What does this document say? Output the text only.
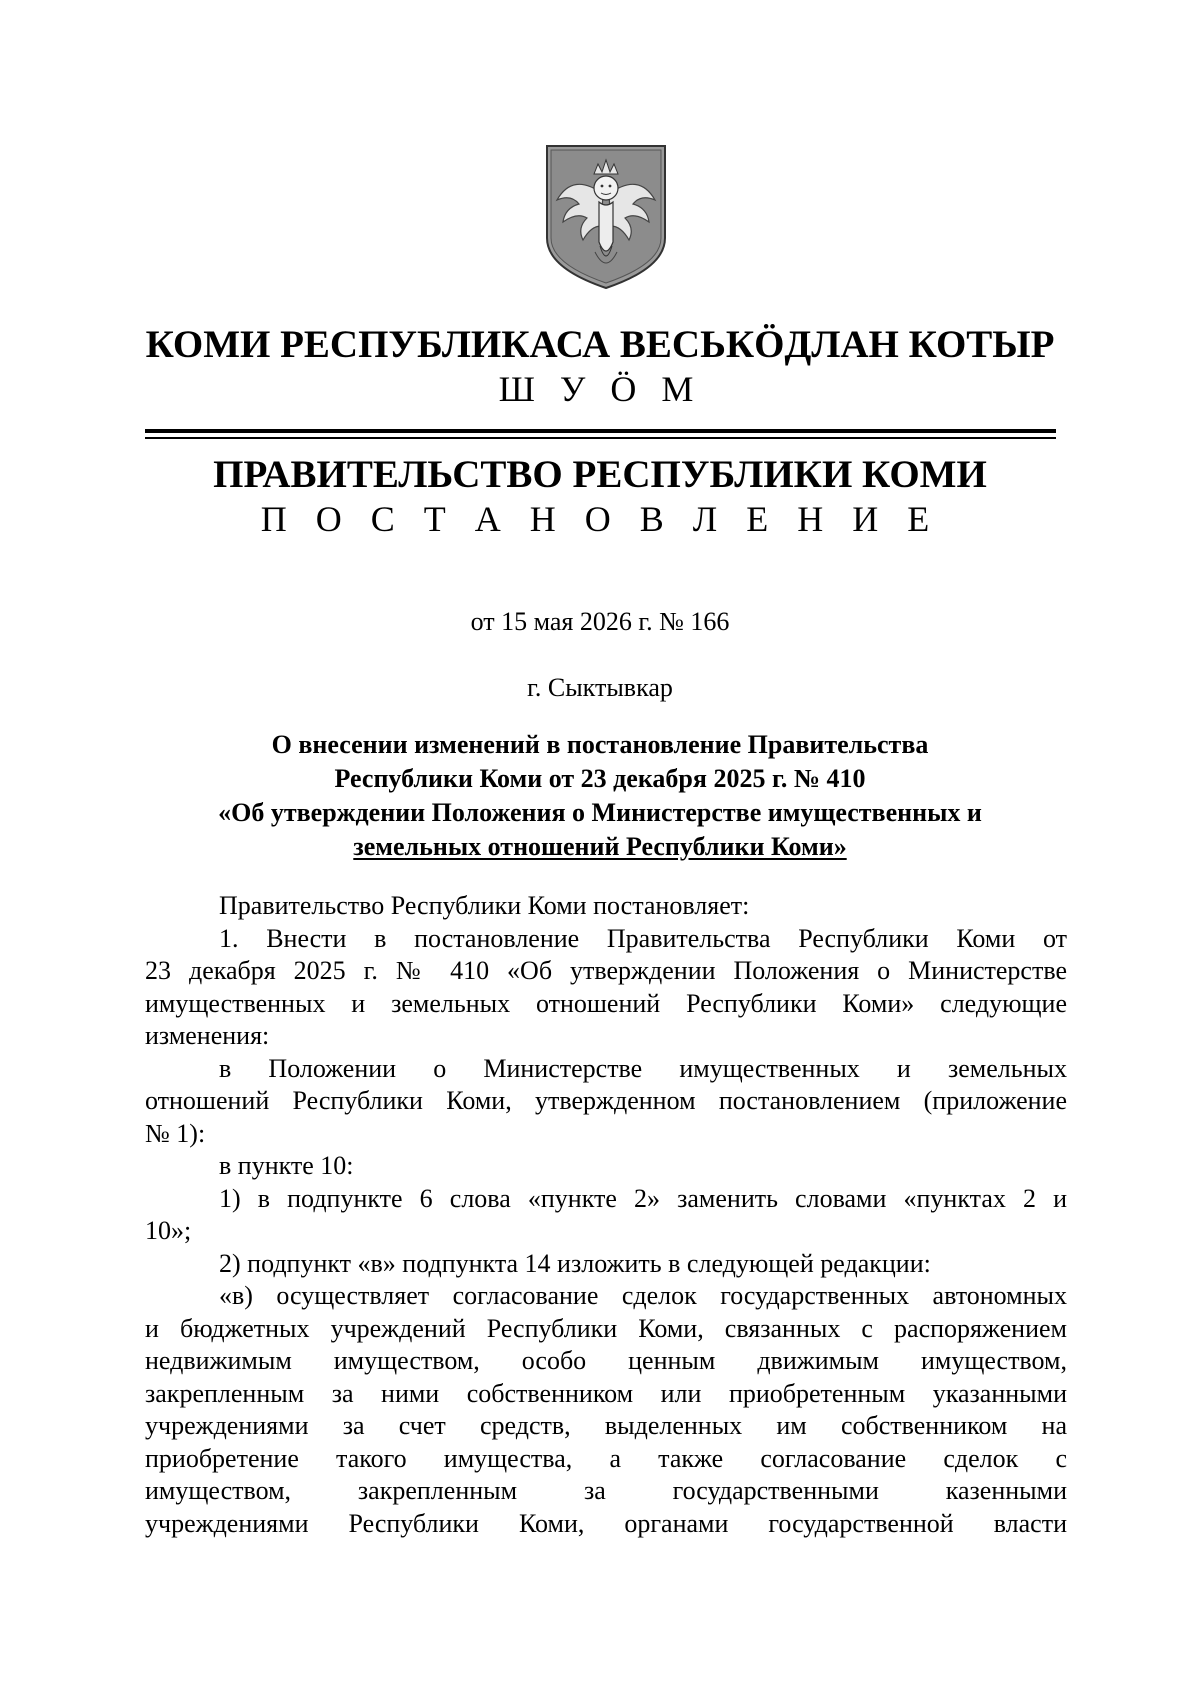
КОМИ РЕСПУБЛИКАСА ВЕСЬКӦДЛАН КОТЫР
Ш У Ӧ М
ПРАВИТЕЛЬСТВО РЕСПУБЛИКИ КОМИ
П О С Т А Н О В Л Е Н И Е
от 15 мая 2026 г. № 166
г. Сыктывкар
О внесении изменений в постановление Правительства
Республики Коми от 23 декабря 2025 г. № 410
«Об утверждении Положения о Министерстве имущественных и
земельных отношений Республики Коми»
Правительство Республики Коми постановляет:
1. Внести в постановление Правительства Республики Коми от
23 декабря 2025 г. № 410 «Об утверждении Положения о Министерстве
имущественных и земельных отношений Республики Коми» следующие
изменения:
в Положении о Министерстве имущественных и земельных
отношений Республики Коми, утвержденном постановлением (приложение
№ 1):
в пункте 10:
1) в подпункте 6 слова «пункте 2» заменить словами «пунктах 2 и
10»;
2) подпункт «в» подпункта 14 изложить в следующей редакции:
«в) осуществляет согласование сделок государственных автономных
и бюджетных учреждений Республики Коми, связанных с распоряжением
недвижимым имуществом, особо ценным движимым имуществом,
закрепленным за ними собственником или приобретенным указанными
учреждениями за счет средств, выделенных им собственником на
приобретение такого имущества, а также согласование сделок с
имуществом, закрепленным за государственными казенными
учреждениями Республики Коми, органами государственной власти
